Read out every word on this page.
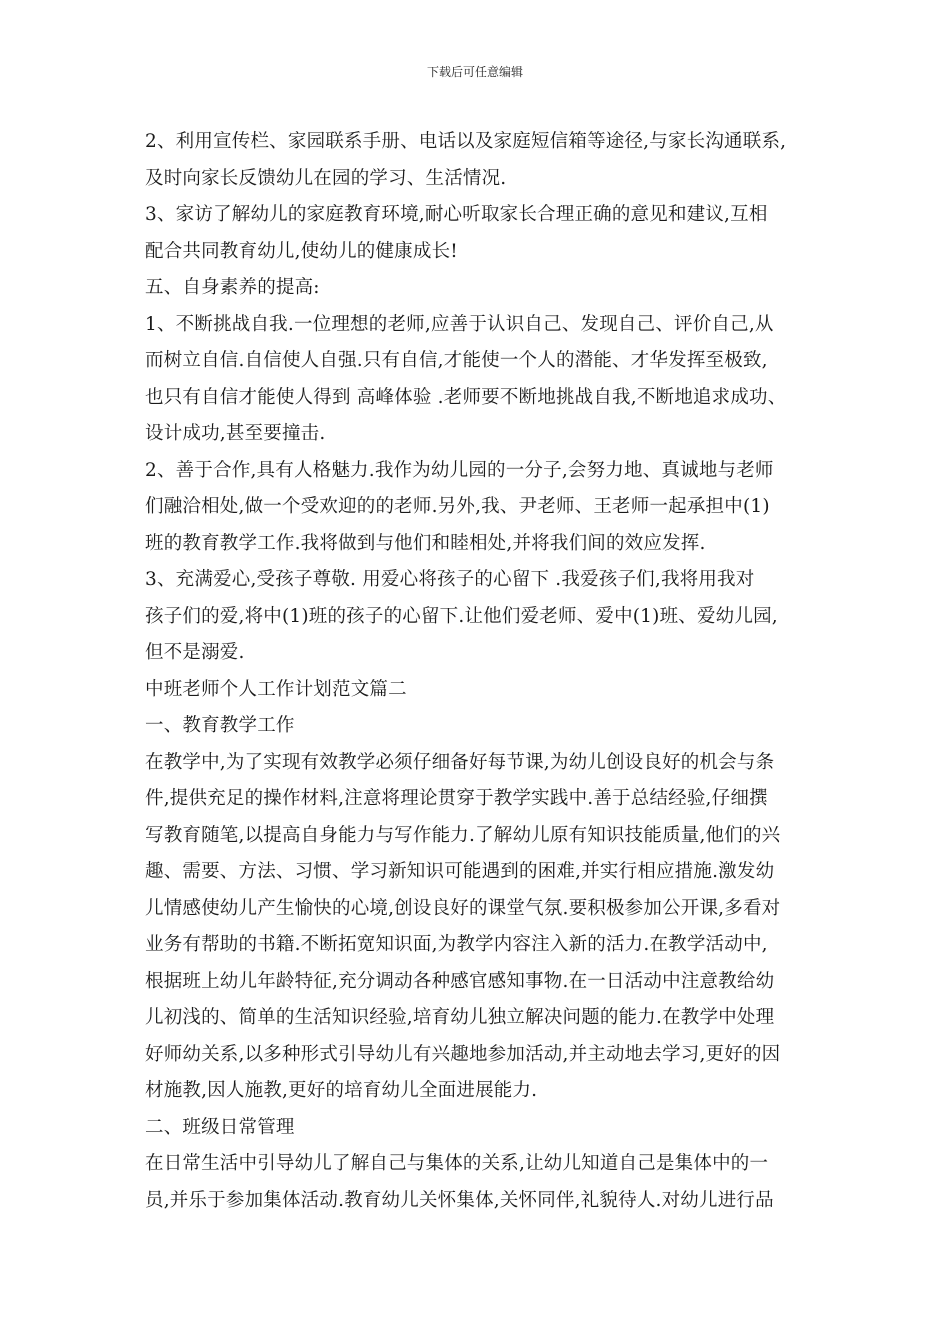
下载后可任意编辑
2、利用宣传栏、家园联系手册、电话以及家庭短信箱等途径,与家长沟通联系,
及时向家长反馈幼儿在园的学习、生活情况.
3、家访了解幼儿的家庭教育环境,耐心听取家长合理正确的意见和建议,互相
配合共同教育幼儿,使幼儿的健康成长!
五、自身素养的提高:
1、不断挑战自我.一位理想的老师,应善于认识自己、发现自己、评价自己,从
而树立自信.自信使人自强.只有自信,才能使一个人的潜能、才华发挥至极致,
也只有自信才能使人得到 高峰体验 .老师要不断地挑战自我,不断地追求成功、
设计成功,甚至要撞击.
2、善于合作,具有人格魅力.我作为幼儿园的一分子,会努力地、真诚地与老师
们融洽相处,做一个受欢迎的的老师.另外,我、尹老师、王老师一起承担中(1)
班的教育教学工作.我将做到与他们和睦相处,并将我们间的效应发挥.
3、充满爱心,受孩子尊敬. 用爱心将孩子的心留下 .我爱孩子们,我将用我对
孩子们的爱,将中(1)班的孩子的心留下.让他们爱老师、爱中(1)班、爱幼儿园,
但不是溺爱.
中班老师个人工作计划范文篇二
一、教育教学工作
在教学中,为了实现有效教学必须仔细备好每节课,为幼儿创设良好的机会与条
件,提供充足的操作材料,注意将理论贯穿于教学实践中.善于总结经验,仔细撰
写教育随笔,以提高自身能力与写作能力.了解幼儿原有知识技能质量,他们的兴
趣、需要、方法、习惯、学习新知识可能遇到的困难,并实行相应措施.激发幼
儿情感使幼儿产生愉快的心境,创设良好的课堂气氛.要积极参加公开课,多看对
业务有帮助的书籍.不断拓宽知识面,为教学内容注入新的活力.在教学活动中,
根据班上幼儿年龄特征,充分调动各种感官感知事物.在一日活动中注意教给幼
儿初浅的、简单的生活知识经验,培育幼儿独立解决问题的能力.在教学中处理
好师幼关系,以多种形式引导幼儿有兴趣地参加活动,并主动地去学习,更好的因
材施教,因人施教,更好的培育幼儿全面进展能力.
二、班级日常管理
在日常生活中引导幼儿了解自己与集体的关系,让幼儿知道自己是集体中的一
员,并乐于参加集体活动.教育幼儿关怀集体,关怀同伴,礼貌待人.对幼儿进行品
